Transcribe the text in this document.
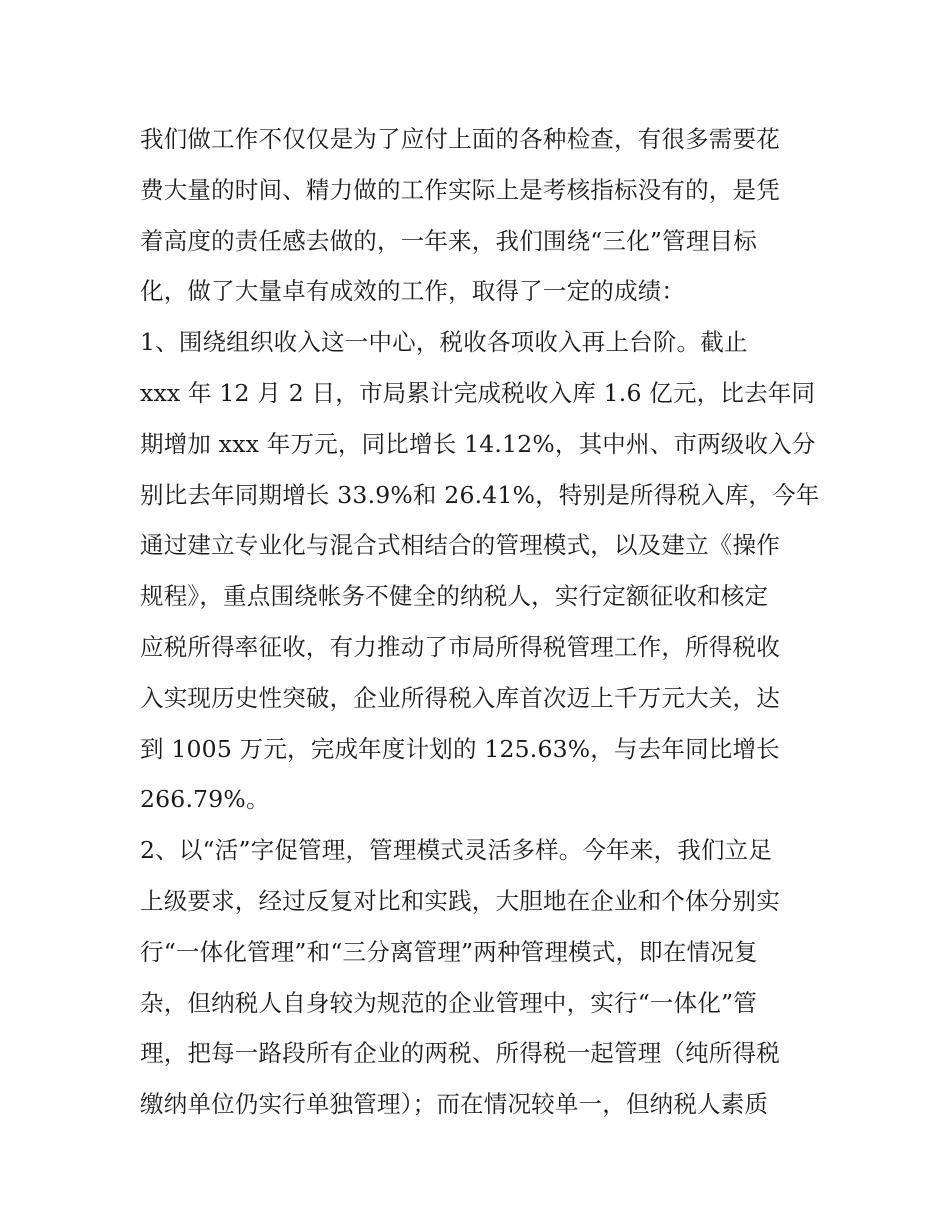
我们做工作不仅仅是为了应付上面的各种检查，有很多需要花
费大量的时间、精力做的工作实际上是考核指标没有的，是凭
着高度的责任感去做的，一年来，我们围绕“三化”管理目标
化，做了大量卓有成效的工作，取得了一定的成绩：
1、围绕组织收入这一中心，税收各项收入再上台阶。截止
xxx 年 12 月 2 日，市局累计完成税收入库 1.6 亿元，比去年同
期增加 xxx 年万元，同比增长 14.12%，其中州、市两级收入分
别比去年同期增长 33.9%和 26.41%，特别是所得税入库，今年
通过建立专业化与混合式相结合的管理模式，以及建立《操作
规程》，重点围绕帐务不健全的纳税人，实行定额征收和核定
应税所得率征收，有力推动了市局所得税管理工作，所得税收
入实现历史性突破，企业所得税入库首次迈上千万元大关，达
到 1005 万元，完成年度计划的 125.63%，与去年同比增长
266.79%。
2、以“活”字促管理，管理模式灵活多样。今年来，我们立足
上级要求，经过反复对比和实践，大胆地在企业和个体分别实
行“一体化管理”和“三分离管理”两种管理模式，即在情况复
杂，但纳税人自身较为规范的企业管理中，实行“一体化”管
理，把每一路段所有企业的两税、所得税一起管理（纯所得税
缴纳单位仍实行单独管理）；而在情况较单一，但纳税人素质
